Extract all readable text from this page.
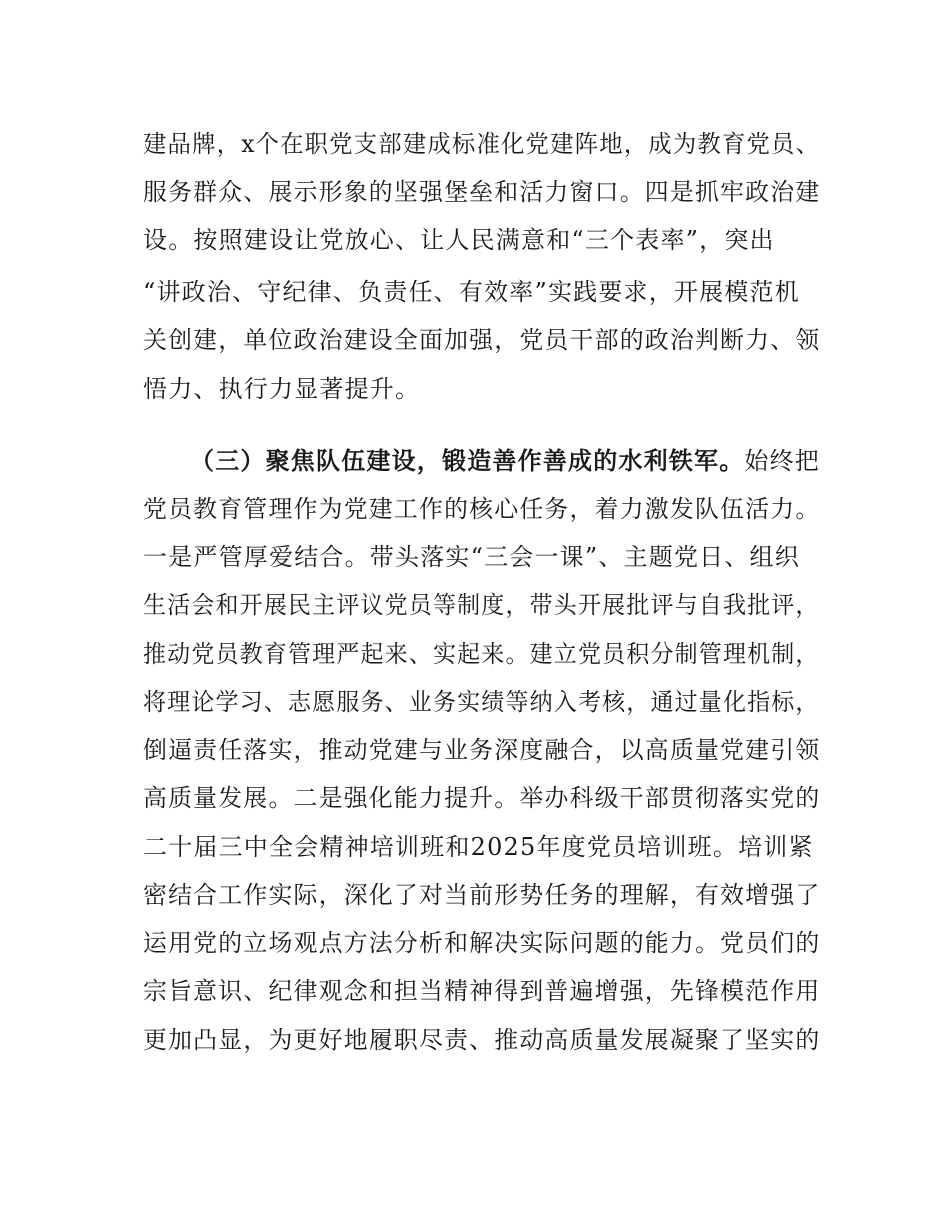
建品牌，x个在职党支部建成标准化党建阵地，成为教育党员、
服务群众、展示形象的坚强堡垒和活力窗口。四是抓牢政治建
设。按照建设让党放心、让人民满意和“三个表率”，突出
“讲政治、守纪律、负责任、有效率”实践要求，开展模范机
关创建，单位政治建设全面加强，党员干部的政治判断力、领
悟力、执行力显著提升。
（三）聚焦队伍建设，锻造善作善成的水利铁军。始终把
党员教育管理作为党建工作的核心任务，着力激发队伍活力。
一是严管厚爱结合。带头落实“三会一课”、主题党日、组织
生活会和开展民主评议党员等制度，带头开展批评与自我批评，
推动党员教育管理严起来、实起来。建立党员积分制管理机制，
将理论学习、志愿服务、业务实绩等纳入考核，通过量化指标，
倒逼责任落实，推动党建与业务深度融合，以高质量党建引领
高质量发展。二是强化能力提升。举办科级干部贯彻落实党的
二十届三中全会精神培训班和2025年度党员培训班。培训紧
密结合工作实际，深化了对当前形势任务的理解，有效增强了
运用党的立场观点方法分析和解决实际问题的能力。党员们的
宗旨意识、纪律观念和担当精神得到普遍增强，先锋模范作用
更加凸显，为更好地履职尽责、推动高质量发展凝聚了坚实的
